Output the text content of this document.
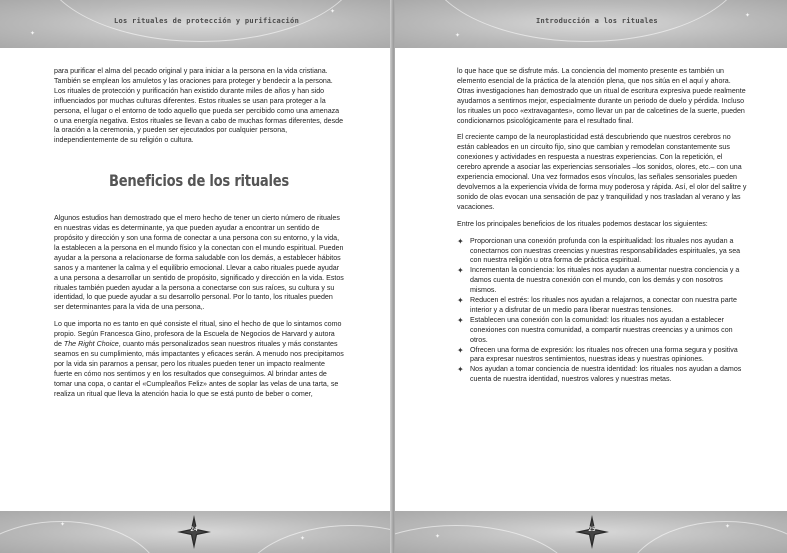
✦
✦
Los rituales de protección y purificación

para purificar el alma del pecado original y para iniciar a la persona en la vida cristiana. También se emplean los amuletos y las oraciones para proteger y bendecir a la persona. Los rituales de protección y purificación han existido durante miles de años y han sido influenciados por muchas culturas diferentes. Estos rituales se usan para proteger a la persona, el lugar o el entorno de todo aquello que pueda ser percibido como una amenaza o una energía negativa. Estos rituales se llevan a cabo de muchas formas diferentes, desde la oración a la ceremonia, y pueden ser ejecutados por cualquier persona, independientemente de su religión o cultura.

Beneficios de los rituales

Algunos estudios han demostrado que el mero hecho de tener un cierto número de rituales en nuestras vidas es determinante, ya que pueden ayudar a encontrar un sentido de propósito y dirección y son una forma de conectar a una persona con su entorno, y la vida, la establecen a la persona en el mundo físico y la conectan con el mundo espiritual. Pueden ayudar a la persona a relacionarse de forma saludable con los demás, a establecer hábitos sanos y a mantener la calma y el equilibrio emocional. Llevar a cabo rituales puede ayudar a una persona a desarrollar un sentido de propósito, significado y dirección en la vida. Estos rituales también pueden ayudar a la persona a conectarse con sus raíces, su cultura y su identidad, lo que puede ayudar a su desarrollo personal. Por lo tanto, los rituales pueden ser determinantes para la vida de una persona,.

Lo que importa no es tanto en qué consiste el ritual, sino el hecho de que lo sintamos como propio. Según Francesca Gino, profesora de la Escuela de Negocios de Harvard y autora de The Right Choice, cuanto más personalizados sean nuestros rituales y más constantes seamos en su cumplimiento, más impactantes y eficaces serán. A menudo nos precipitamos por la vida sin pararnos a pensar, pero los rituales pueden tener un impacto realmente fuerte en cómo nos sentimos y en los resultados que conseguimos. Al brindar antes de tomar una copa, o cantar el «Cumpleaños Feliz» antes de soplar las velas de una tarta, se realiza un ritual que lleva la atención hacia lo que se está punto de beber o comer,

✦
✦
24
✦
✦
Introducción a los rituales

lo que hace que se disfrute más. La conciencia del momento presente es también un elemento esencial de la práctica de la atención plena, que nos sitúa en el aquí y ahora. Otras investigaciones han demostrado que un ritual de escritura expresiva puede realmente ayudarnos a sentirnos mejor, especialmente durante un periodo de duelo y pérdida. Incluso los rituales un poco «extravagantes», como llevar un par de calcetines de la suerte, pueden condicionarnos psicológicamente para el resultado final.

El creciente campo de la neuroplasticidad está descubriendo que nuestros cerebros no están cableados en un circuito fijo, sino que cambian y remodelan constantemente sus conexiones y actividades en respuesta a nuestras experiencias. Con la repetición, el cerebro aprende a asociar las experiencias sensoriales –los sonidos, olores, etc.– con una experiencia emocional. Una vez formados esos vínculos, las señales sensoriales pueden devolvernos a la experiencia vívida de forma muy poderosa y rápida. Así, el olor del salitre y sonido de olas evocan una sensación de paz y tranquilidad y nos trasladan al verano y las vacaciones.

Entre los principales beneficios de los rituales podemos destacar los siguientes:

✦ Proporcionan una conexión profunda con la espiritualidad: los rituales nos ayudan a conectarnos con nuestras creencias y nuestras responsabilidades espirituales, ya sea con nuestra religión u otra forma de práctica espiritual.
✦ Incrementan la conciencia: los rituales nos ayudan a aumentar nuestra conciencia y a damos cuenta de nuestra conexión con el mundo, con los demás y con nosotros mismos.
✦ Reducen el estrés: los rituales nos ayudan a relajarnos, a conectar con nuestra parte interior y a disfrutar de un medio para liberar nuestras tensiones.
✦ Establecen una conexión con la comunidad: los rituales nos ayudan a establecer conexiones con nuestra comunidad, a compartir nuestras creencias y a unirnos con otros.
✦ Ofrecen una forma de expresión: los rituales nos ofrecen una forma segura y positiva para expresar nuestros sentimientos, nuestras ideas y nuestras opiniones.
✦ Nos ayudan a tomar conciencia de nuestra identidad: los rituales nos ayudan a damos cuenta de nuestra identidad, nuestros valores y nuestras metas.
✦
✦
25
